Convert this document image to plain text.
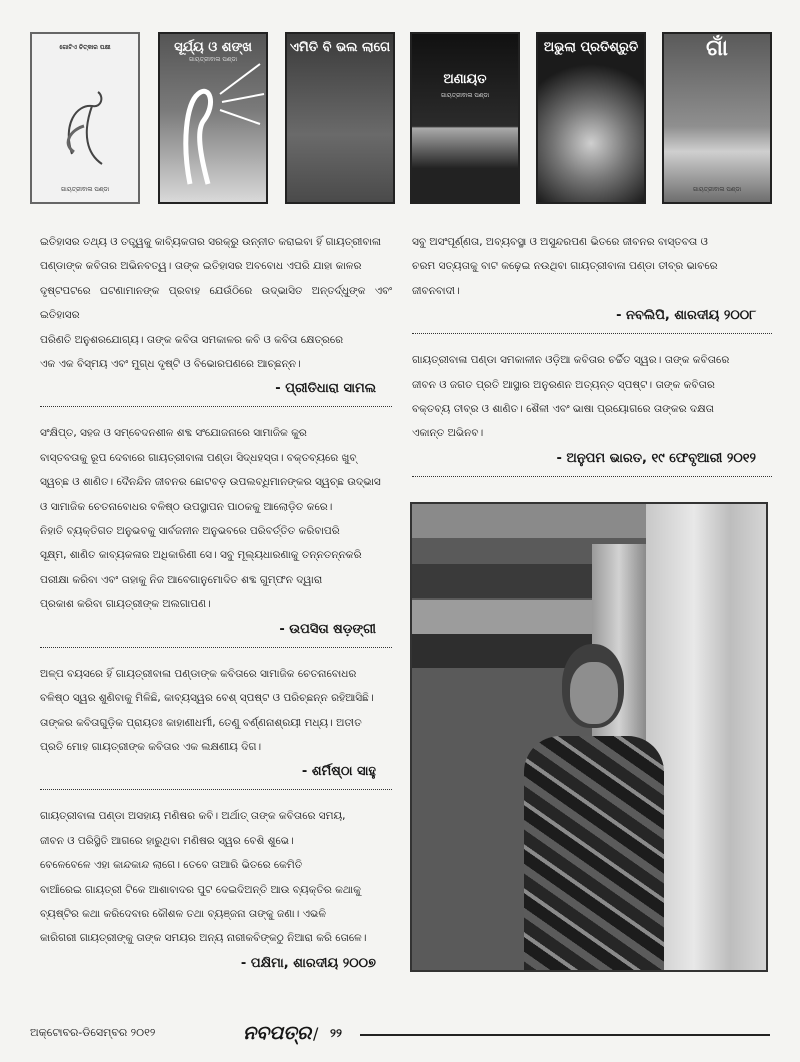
ଗୋଟିଏ ଚିତ୍କାର ପକ୍ଷୀ
ଗାୟତ୍ରୀବାଳା ପଣ୍ଡା
ସୂର୍ଯ୍ୟ ଓ ଶଙ୍ଖ
ଗାୟତ୍ରୀବାଳା ପଣ୍ଡା
ଏମିତି ବି ଭଲ ଲାଗେ
ଅଣାୟତ
ଗାୟତ୍ରୀବାଳା ପଣ୍ଡା
ଅଭୁଲା ପ୍ରତିଶ୍ରୁତି	ଗାଁ
ଗାୟତ୍ରୀବାଳା ପଣ୍ଡା

ଇତିହାସର ତଥ୍ୟ ଓ ତତ୍ତ୍ୱକୁ କାବ୍ୟିକତାର ସରକ୍ରୁ ଉନ୍ନୀତ କରାଇବା ହିଁ ଗାୟତ୍ରୀବାଳା

ପଣ୍ଡାଙ୍କ କବିତାର ଅଭିନବତ୍ୱ। ତାଙ୍କ ଇତିହାସର ଅବବୋଧ ଏପରି ଯାହା କାଳର

ଦୃଷ୍ଟପଟରେ ଘଟଣାମାନଙ୍କ ପ୍ରବାହ ଯେଉଁଠିରେ ଉଦ୍ଭାସିତ ଅନ୍ତର୍ଦ୍ଧୁଙ୍କ ଏବଂ ଇତିହାସର

ପରିଣତି ଅନୁଶରଯୋଗ୍ୟ। ତାଙ୍କ କବିତା ସମକାଳର କବି ଓ କବିତା କ୍ଷେତ୍ରରେ

ଏକ ଏକ ବିସ୍ମୟ ଏବଂ ମୁଗ୍ଧ ଦୃଷ୍ଟି ଓ ବିଭୋରପଣରେ ଆଚ୍ଛନ୍ନ।

- ପ୍ରୀତିଧାରା ସାମଲ

ସଂକ୍ଷିପ୍ତ, ସହଜ ଓ ସମ୍ବେଦନଶୀଳ ଶବ୍ଦ ସଂଯୋଜନାରେ ସାମାଜିକ କୁର

ବାସ୍ତବତାକୁ ରୂପ ଦେବାରେ ଗାୟତ୍ରୀବାଳା ପଣ୍ଡା ସିଦ୍ଧହସ୍ତା। ବକ୍ତବ୍ୟରେ ଖୁବ୍

ସ୍ୱଚ୍ଛ ଓ ଶାଣିତ। ଦୈନନ୍ଦିନ ଜୀବନର ଛୋଟବଡ଼ ଉପଲବ୍ଧିମାନଙ୍କର ସ୍ୱଚ୍ଛ ଉଦ୍ଭାସ

ଓ ସାମାଜିକ ଚେତନାବୋଧର ବଳିଷ୍ଠ ଉପସ୍ଥାପନ ପାଠକକୁ ଆଲୋଡ଼ିତ କରେ।

ନିହାତି ବ୍ୟକ୍ତିଗତ ଅନୁଭବକୁ ସାର୍ବଜନୀନ ଅନୁଭବରେ ପରିବର୍ତ୍ତିତ କରିବାପରି

ସୂକ୍ଷ୍ମ, ଶାଣିତ କାବ୍ୟକଳାର ଅଧିକାରିଣୀ ସେ। ସବୁ ମୂଲ୍ୟଧାରଣାକୁ ତନ୍ନତନ୍ନକରି

ପରୀକ୍ଷା କରିବା ଏବଂ ତାହାକୁ ନିଜ ଆବେଗାନୁମୋଦିତ ଶବ୍ଦ ଗୁମ୍ଫନ ଦ୍ୱାରା

ପ୍ରକାଶ କରିବା ଗାୟତ୍ରୀଙ୍କ ଅଲଗାପଣ।

- ଉପସିତା ଷଡ଼ଙ୍ଗୀ

ଅଳ୍ପ ବୟସରେ ହିଁ ଗାୟତ୍ରୀବାଳା ପଣ୍ଡାଙ୍କ କବିତାରେ ସାମାଜିକ ଚେତନାବୋଧର

ବଳିଷ୍ଠ ସ୍ୱର ଶୁଣିବାକୁ ମିଳିଛି, କାବ୍ୟସ୍ୱର ବେଶ୍ ସ୍ପଷ୍ଟ ଓ ପରିଚ୍ଛନ୍ନ ରହିଆସିଛି।

ତାଙ୍କର କବିତାଗୁଡ଼ିକ ପ୍ରାୟତଃ କାହାଣୀଧର୍ମୀ, ତେଣୁ ବର୍ଣ୍ଣନାଶ୍ରୟୀ ମଧ୍ୟ। ଅତୀତ

ପ୍ରତି ମୋହ ଗାୟତ୍ରୀଙ୍କ କବିତାର ଏକ ଲକ୍ଷଣୀୟ ଦିଗ।

- ଶର୍ମିଷ୍ଠା ସାହୁ

ଗାୟତ୍ରୀବାଳା ପଣ୍ଡା ଅସହାୟ ମଣିଷର କବି। ଅର୍ଥାତ୍ ତାଙ୍କ କବିତାରେ ସମୟ,

ଜୀବନ ଓ ପରିସ୍ଥିତି ଆଗରେ ହାରୁଥିବା ମଣିଷର ସ୍ୱର ବେଶି ଶୁଭେ।

ବେଳେବେଳେ ଏହା କାନ୍ଦକାନ୍ଦ ଲାଗେ। ତେବେ ତାଆରି ଭିତରେ କେମିତି

ବାଆଁରେଇ ଗାୟତ୍ରୀ ଟିକେ ଆଶାବାଦର ପୁଟ ଦେଇଦିଅନ୍ତି ଆଉ ବ୍ୟକ୍ତିର କଥାକୁ

ବ୍ୟଷ୍ଟିର କଥା କରିଦେବାର କୌଶଳ ତଥା ବ୍ୟଞ୍ଜନା ତାଙ୍କୁ ଜଣା। ଏଭଳି

କାରିଗରୀ ଗାୟତ୍ରୀଙ୍କୁ ତାଙ୍କ ସମୟର ଅନ୍ୟ ନାରୀକବିଙ୍କଠୁ ନିଆରା କରି ତୋଳେ।

- ପକ୍ଷିମା, ଶାରଦୀୟ ୨୦୦୭

ସବୁ ଅସଂପୂର୍ଣ୍ଣତା, ଅବ୍ୟବସ୍ଥା ଓ ଅସୁନ୍ଦରପଣ ଭିତରେ ଜୀବନର ବାସ୍ତବତା ଓ

ଚରମ ସତ୍ୟତାକୁ ବାଟ କଢ଼େଇ ନଉଥିବା ଗାୟତ୍ରୀବାଳା ପଣ୍ଡା ତୀବ୍ର ଭାବରେ

ଜୀବନବାଦୀ।

- ନବଲିପି, ଶାରଦୀୟ ୨୦୦୮

ଗାୟତ୍ରୀବାଳା ପଣ୍ଡା ସମକାଳୀନ ଓଡ଼ିଆ କବିତାର ଚର୍ଚ୍ଚିତ ସ୍ୱର। ତାଙ୍କ କବିତାରେ

ଜୀବନ ଓ ଜଗତ ପ୍ରତି ଆସ୍ଥାର ଅନୁରଣନ ଅତ୍ୟନ୍ତ ସ୍ପଷ୍ଟ। ତାଙ୍କ କବିତାର

ବକ୍ତବ୍ୟ ତୀବ୍ର ଓ ଶାଣିତ। ଶୈଳୀ ଏବଂ ଭାଷା ପ୍ରୟୋଗରେ ତାଙ୍କର ଦକ୍ଷତା

ଏକାନ୍ତ ଅଭିନବ।

- ଅନୁପମ ଭାରତ, ୧୯ ଫେବୃଆରୀ ୨୦୧୨
ଅକ୍ଟୋବର-ଡିସେମ୍ବର ୨୦୧୨	ନବପତ୍ର / ୨୨
